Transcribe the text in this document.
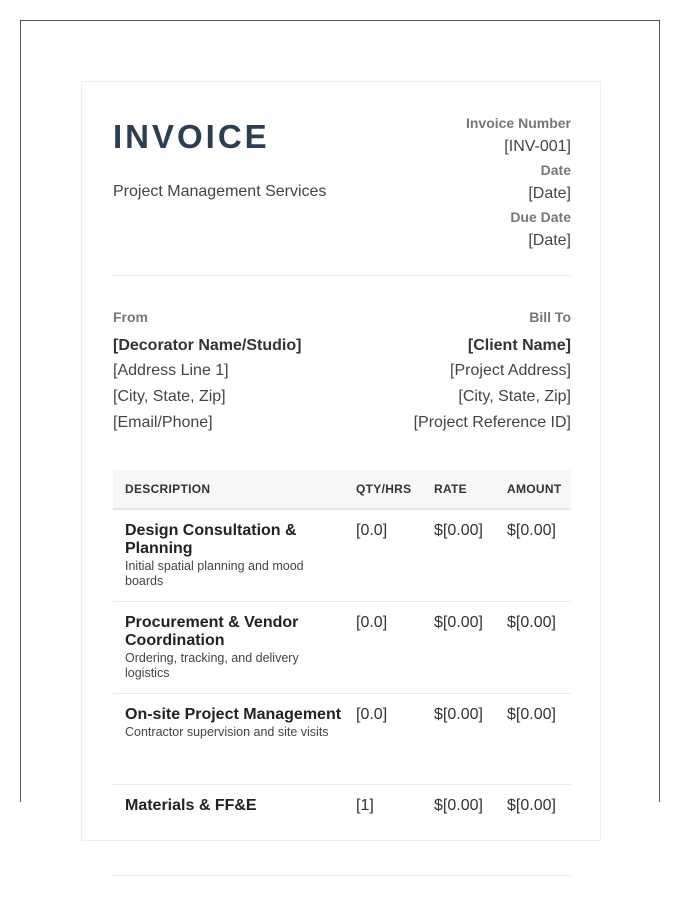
INVOICE
Project Management Services
Invoice Number
[INV-001]
Date
[Date]
Due Date
[Date]
From
[Decorator Name/Studio]
[Address Line 1]
[City, State, Zip]
[Email/Phone]
Bill To
[Client Name]
[Project Address]
[City, State, Zip]
[Project Reference ID]
DESCRIPTION	QTY/HRS	RATE	AMOUNT

Design Consultation & Planning
Initial spatial planning and mood boards	[0.0]	$[0.00]	$[0.00]

Procurement & Vendor Coordination
Ordering, tracking, and delivery logistics	[0.0]	$[0.00]	$[0.00]

On-site Project Management
Contractor supervision and site visits	[0.0]	$[0.00]	$[0.00]

Materials & FF&E	[1]	$[0.00]	$[0.00]
